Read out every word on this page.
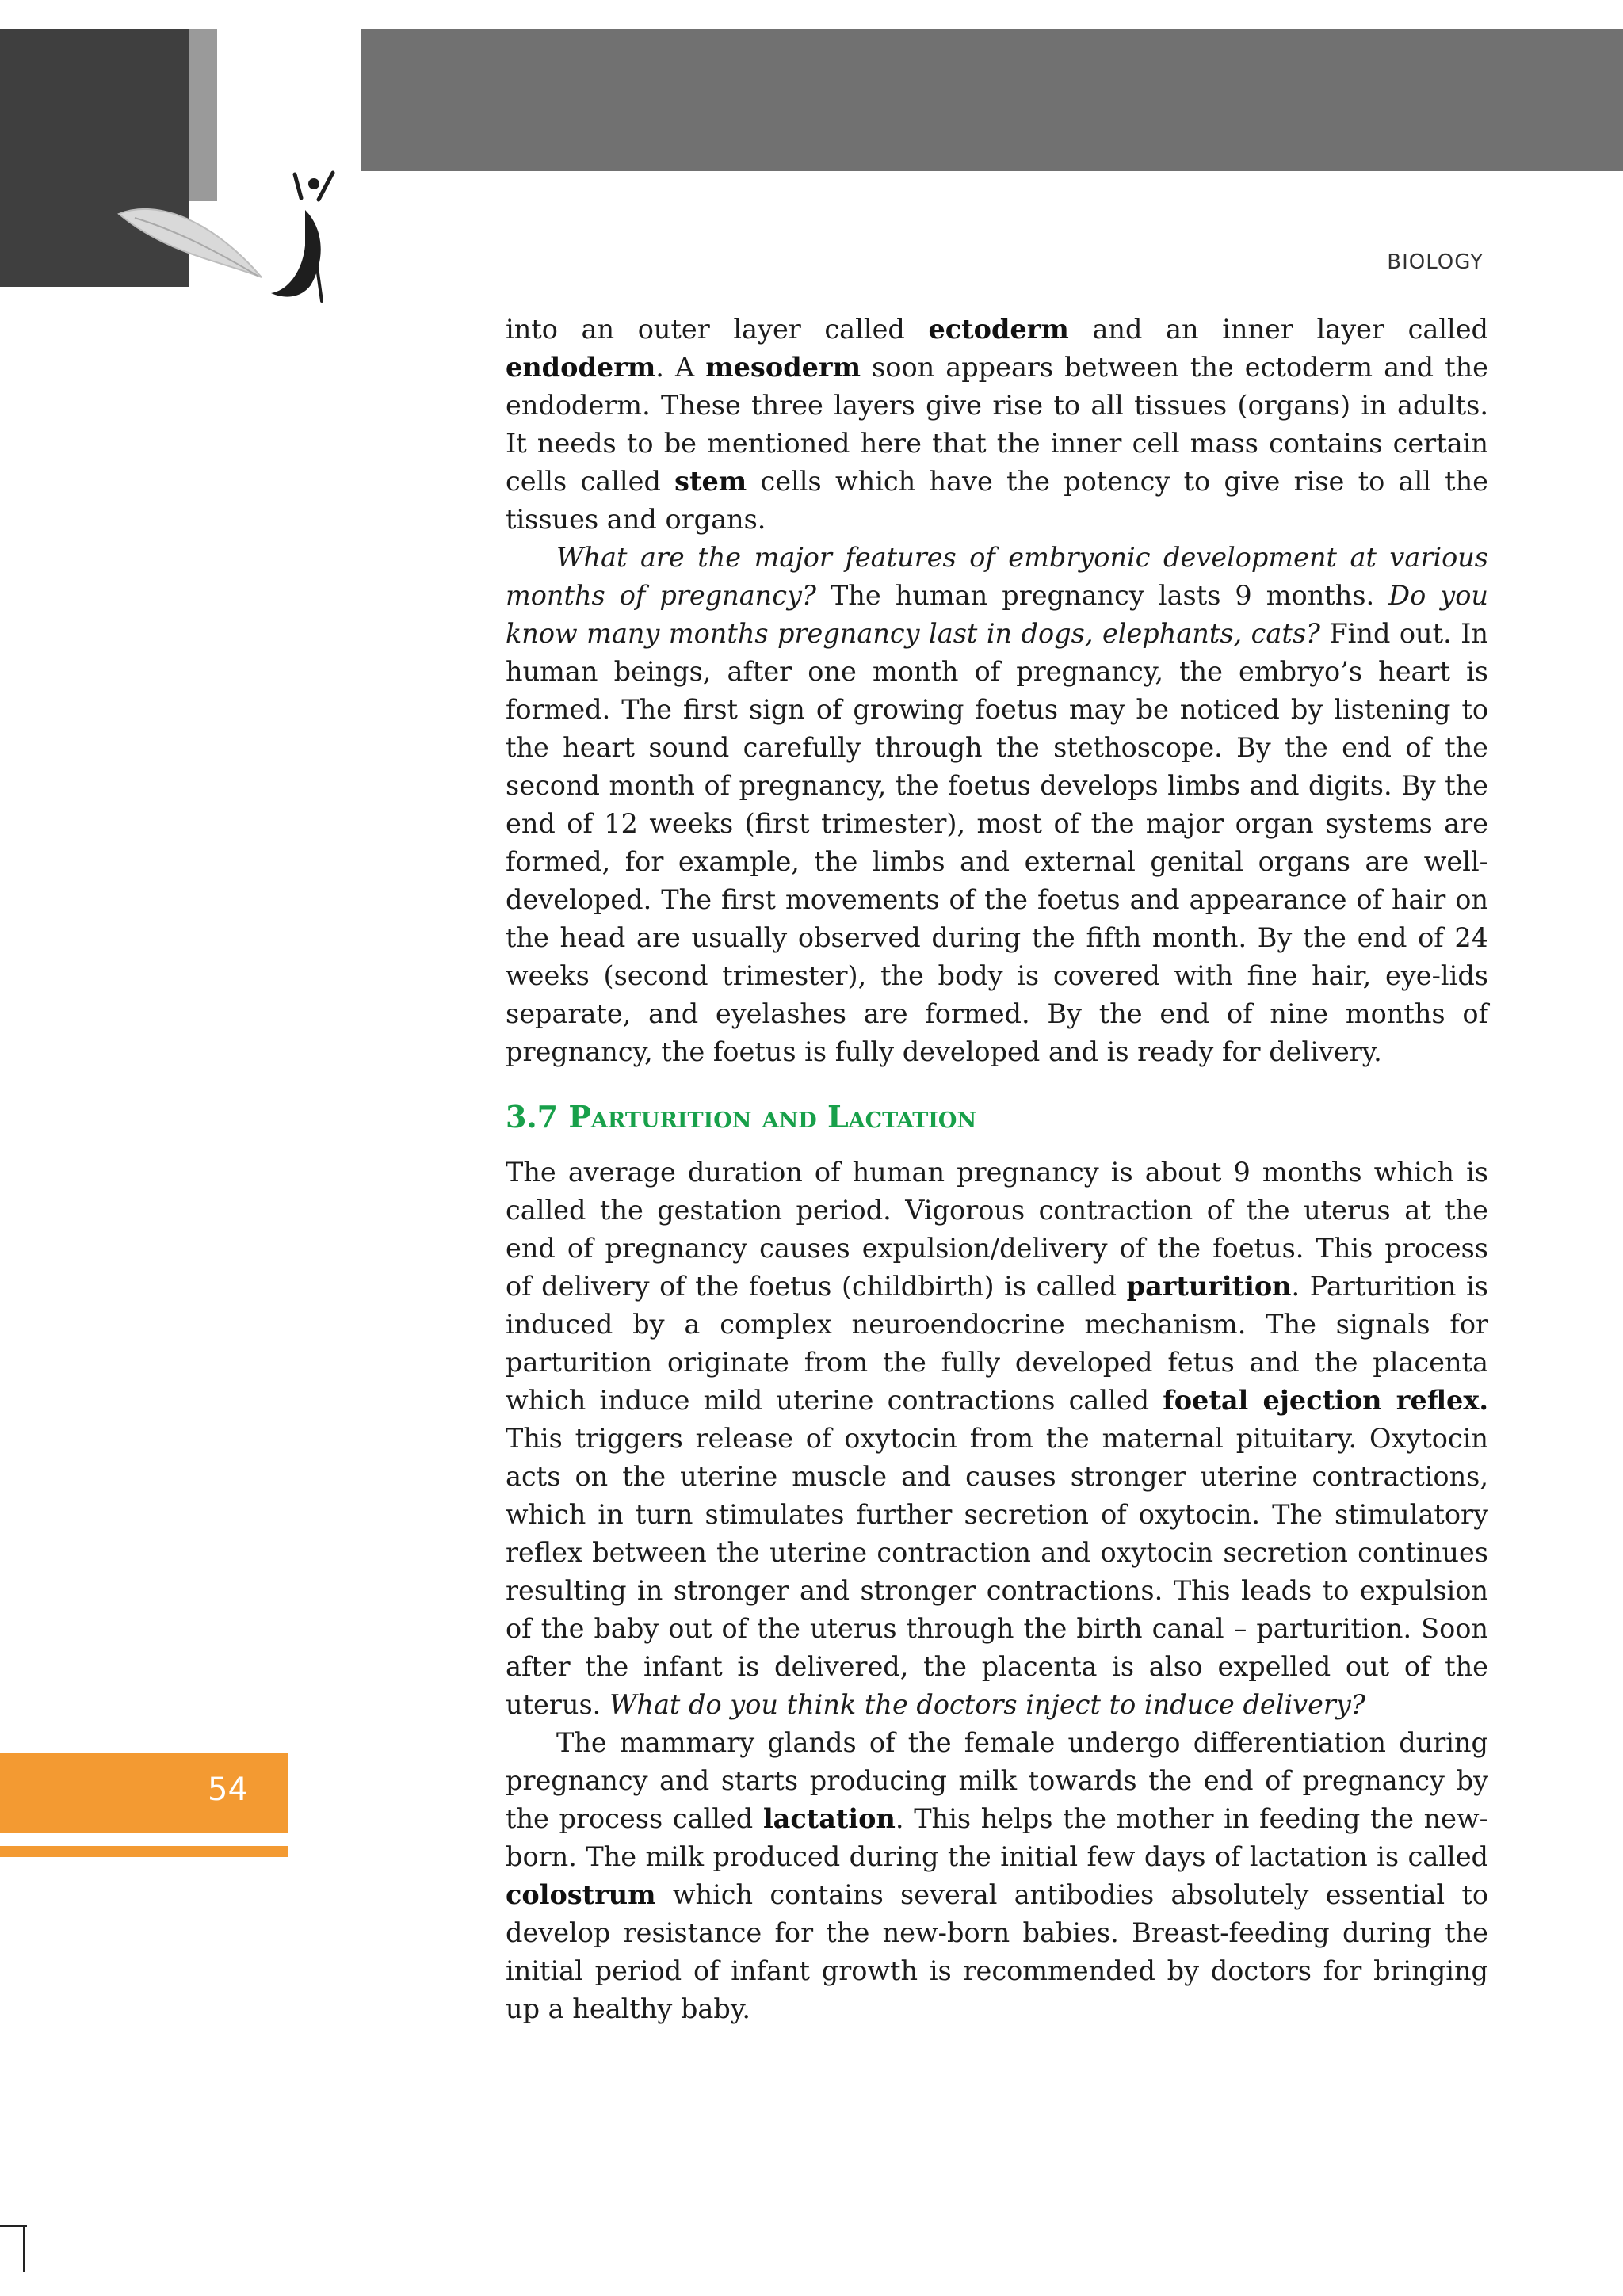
BIOLOGY

into an outer layer called ectoderm and an inner layer called endoderm. A mesoderm soon appears between the ectoderm and the endoderm. These three layers give rise to all tissues (organs) in adults. It needs to be mentioned here that the inner cell mass contains certain cells called stem cells which have the potency to give rise to all the tissues and organs.

What are the major features of embryonic development at various months of pregnancy? The human pregnancy lasts 9 months. Do you know many months pregnancy last in dogs, elephants, cats? Find out. In human beings, after one month of pregnancy, the embryo’s heart is formed. The first sign of growing foetus may be noticed by listening to the heart sound carefully through the stethoscope. By the end of the second month of pregnancy, the foetus develops limbs and digits. By the end of 12 weeks (first trimester), most of the major organ systems are formed, for example, the limbs and external genital organs are well-developed. The first movements of the foetus and appearance of hair on the head are usually observed during the fifth month. By the end of 24 weeks (second trimester), the body is covered with fine hair, eye-lids separate, and eyelashes are formed. By the end of nine months of pregnancy, the foetus is fully developed and is ready for delivery.

3.7 Parturition and Lactation

The average duration of human pregnancy is about 9 months which is called the gestation period. Vigorous contraction of the uterus at the end of pregnancy causes expulsion/delivery of the foetus. This process of delivery of the foetus (childbirth) is called parturition. Parturition is induced by a complex neuroendocrine mechanism. The signals for parturition originate from the fully developed fetus and the placenta which induce mild uterine contractions called foetal ejection reflex. This triggers release of oxytocin from the maternal pituitary. Oxytocin acts on the uterine muscle and causes stronger uterine contractions, which in turn stimulates further secretion of oxytocin. The stimulatory reflex between the uterine contraction and oxytocin secretion continues resulting in stronger and stronger contractions. This leads to expulsion of the baby out of the uterus through the birth canal – parturition. Soon after the infant is delivered, the placenta is also expelled out of the uterus. What do you think the doctors inject to induce delivery?

The mammary glands of the female undergo differentiation during pregnancy and starts producing milk towards the end of pregnancy by the process called lactation. This helps the mother in feeding the new-born. The milk produced during the initial few days of lactation is called colostrum which contains several antibodies absolutely essential to develop resistance for the new-born babies. Breast-feeding during the initial period of infant growth is recommended by doctors for bringing up a healthy baby.

54
